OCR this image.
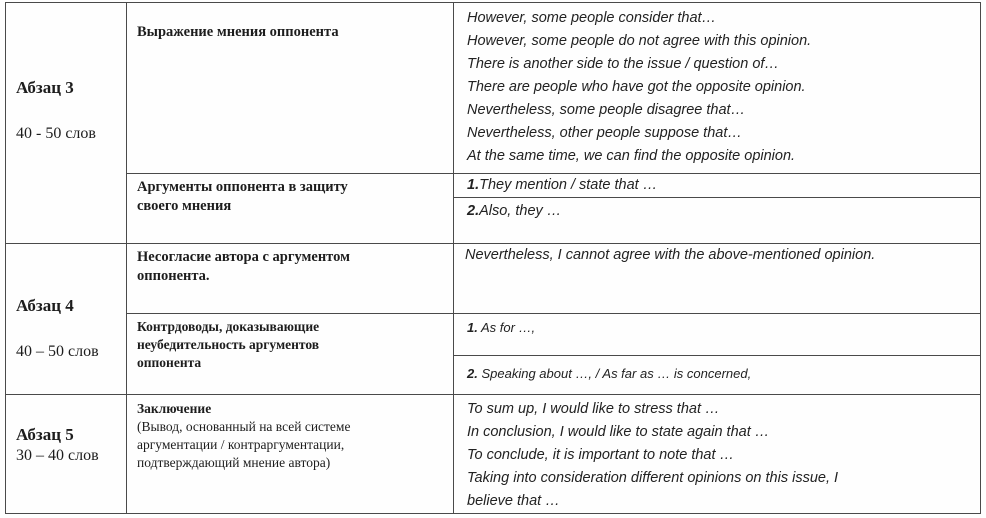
Абзац 3
40 - 50 слов
Выражение мнения оппонента
However, some people consider that…
However, some people do not agree with this opinion.
There is another side to the issue / question of…
There are people who have got the opposite opinion.
Nevertheless, some people disagree that…
Nevertheless, other people suppose that…
At the same time, we can find the opposite opinion.
Аргументы оппонента в защиту
своего мнения
1.They mention / state that …
2.Also, they …
Абзац 4
40 – 50 слов
Несогласие автора с аргументом
оппонента.
Nevertheless, I cannot agree with the above-mentioned opinion.
Контрдоводы, доказывающие
неубедительность аргументов
оппонента
1. As for …,
2. Speaking about …, / As far as … is concerned,
Абзац 5
30 – 40 слов
Заключение
(Вывод, основанный на всей системе
аргументации / контраргументации,
подтверждающий мнение автора)
To sum up, I would like to stress that …
In conclusion, I would like to state again that …
To conclude, it is important to note that …
Taking into consideration different opinions on this issue, I
believe that …
